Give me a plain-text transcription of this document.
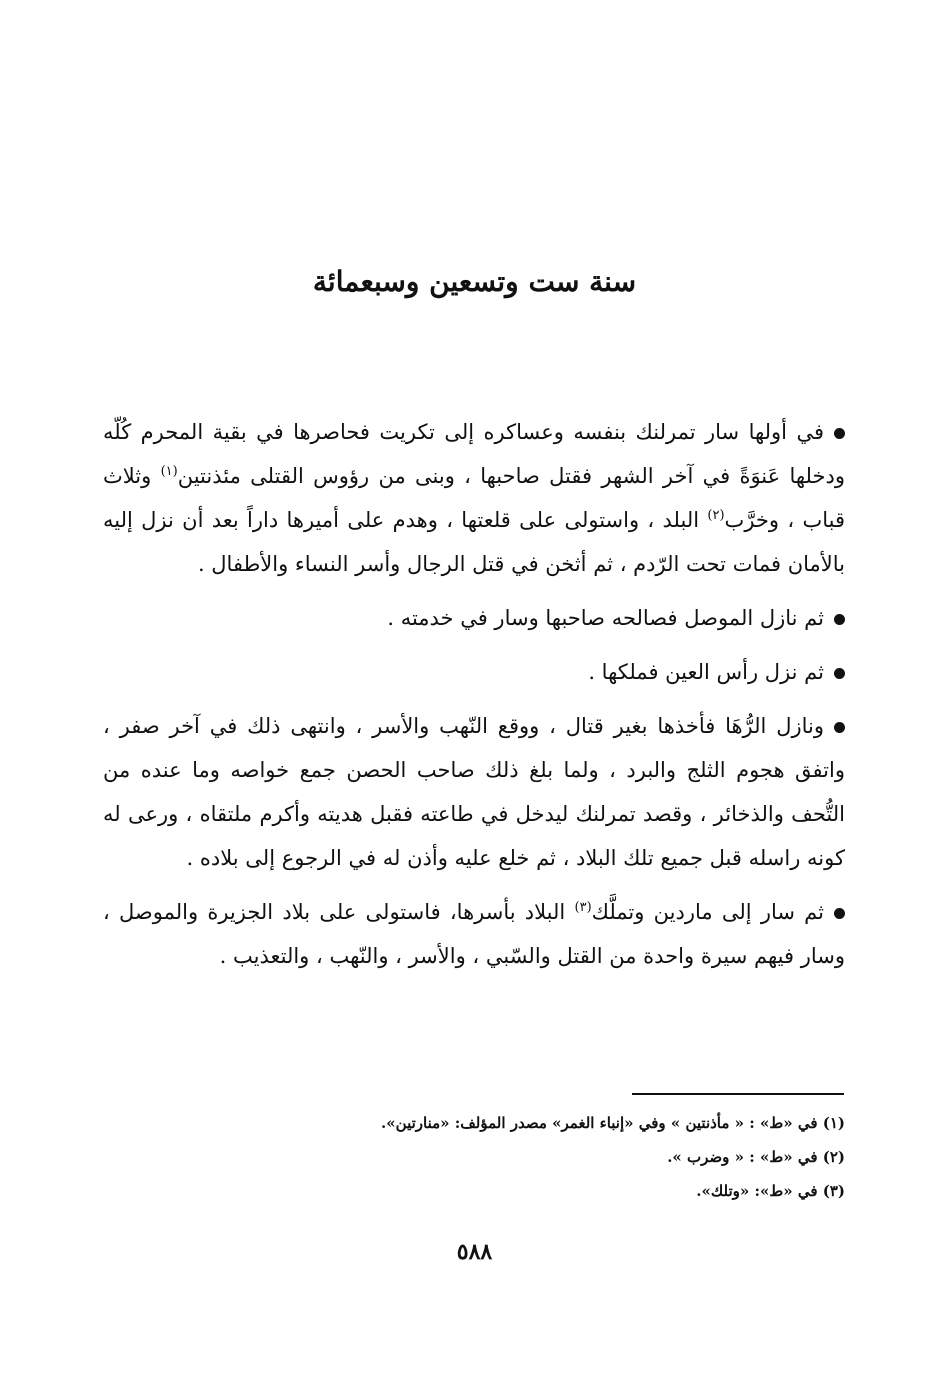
سنة ست وتسعين وسبعمائة

في أولها سار تمرلنك بنفسه وعساكره إلى تكريت فحاصرها في بقية المحرم كُلّه ودخلها عَنوَةً في آخر الشهر فقتل صاحبها ، وبنى من رؤوس القتلى مئذنتين$^{(١)}$ وثلاث قباب ، وخرَّب$^{(٢)}$ البلد ، واستولى على قلعتها ، وهدم على أميرها داراً بعد أن نزل إليه بالأمان فمات تحت الرّدم ، ثم أثخن في قتل الرجال وأسر النساء والأطفال .

ثم نازل الموصل فصالحه صاحبها وسار في خدمته .

ثم نزل رأس العين فملكها .

ونازل الرُّهَا فأخذها بغير قتال ، ووقع النّهب والأسر ، وانتهى ذلك في آخر صفر ، واتفق هجوم الثلج والبرد ، ولما بلغ ذلك صاحب الحصن جمع خواصه وما عنده من التُّحف والذخائر ، وقصد تمرلنك ليدخل في طاعته فقبل هديته وأكرم ملتقاه ، ورعى له كونه راسله قبل جميع تلك البلاد ، ثم خلع عليه وأذن له في الرجوع إلى بلاده .

ثم سار إلى ماردين وتملَّك$^{(٣)}$ البلاد بأسرها، فاستولى على بلاد الجزيرة والموصل ، وسار فيهم سيرة واحدة من القتل والسّبي ، والأسر ، والنّهب ، والتعذيب .

(١) في «ط» : « مأذنتين » وفي «إنباء الغمر» مصدر المؤلف: «منارتين».

(٢) في «ط» : « وضرب ».

(٣) في «ط»: «وتلك».

٥٨٨
